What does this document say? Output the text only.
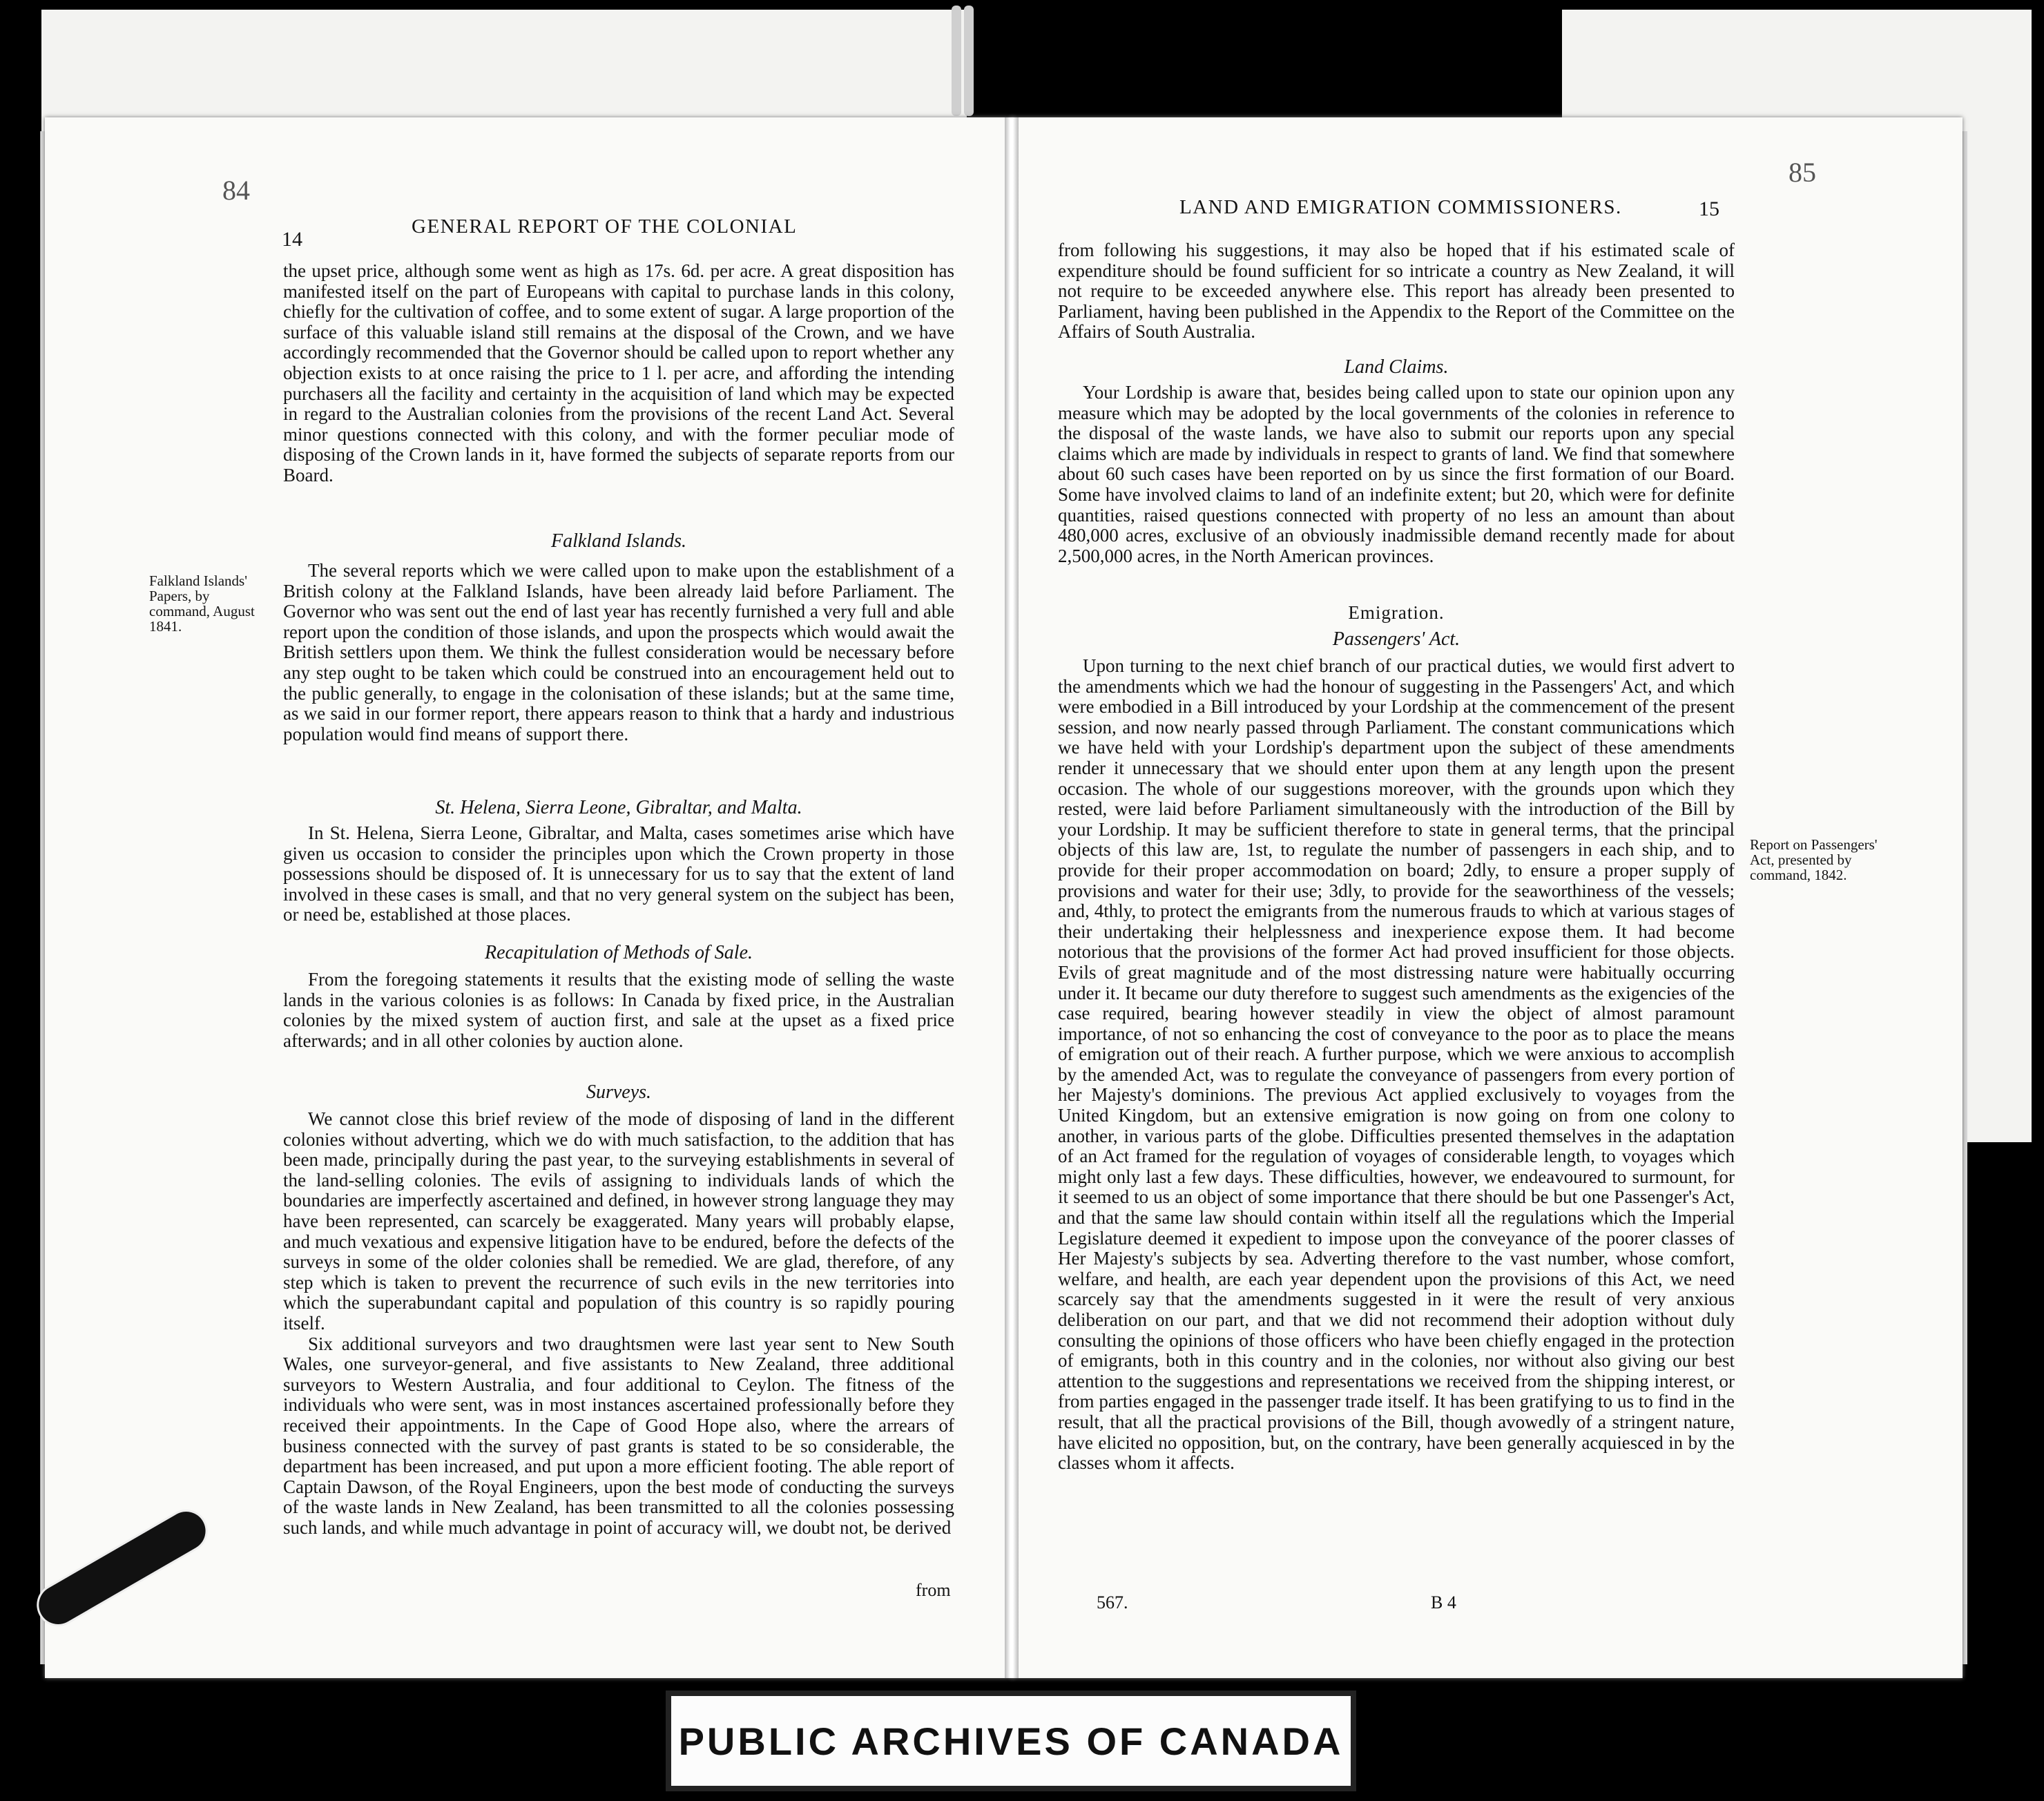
84
14
GENERAL REPORT OF THE COLONIAL

the upset price, although some went as high as 17s. 6d. per acre. A great disposition has manifested itself on the part of Europeans with capital to purchase lands in this colony, chiefly for the cultivation of coffee, and to some extent of sugar. A large proportion of the surface of this valuable island still remains at the disposal of the Crown, and we have accordingly recommended that the Governor should be called upon to report whether any objection exists to at once raising the price to 1 l. per acre, and affording the intending purchasers all the facility and certainty in the acquisition of land which may be expected in regard to the Australian colonies from the provisions of the recent Land Act. Several minor questions connected with this colony, and with the former peculiar mode of disposing of the Crown lands in it, have formed the subjects of separate reports from our Board.

Falkland Islands.
Falkland Islands' Papers, by command, August 1841.

The several reports which we were called upon to make upon the establishment of a British colony at the Falkland Islands, have been already laid before Parliament. The Governor who was sent out the end of last year has recently furnished a very full and able report upon the condition of those islands, and upon the prospects which would await the British settlers upon them. We think the fullest consideration would be necessary before any step ought to be taken which could be construed into an encouragement held out to the public generally, to engage in the colonisation of these islands; but at the same time, as we said in our former report, there appears reason to think that a hardy and industrious population would find means of support there.

St. Helena, Sierra Leone, Gibraltar, and Malta.

In St. Helena, Sierra Leone, Gibraltar, and Malta, cases sometimes arise which have given us occasion to consider the principles upon which the Crown property in those possessions should be disposed of. It is unnecessary for us to say that the extent of land involved in these cases is small, and that no very general system on the subject has been, or need be, established at those places.

Recapitulation of Methods of Sale.

From the foregoing statements it results that the existing mode of selling the waste lands in the various colonies is as follows: In Canada by fixed price, in the Australian colonies by the mixed system of auction first, and sale at the upset as a fixed price afterwards; and in all other colonies by auction alone.

Surveys.

We cannot close this brief review of the mode of disposing of land in the different colonies without adverting, which we do with much satisfaction, to the addition that has been made, principally during the past year, to the surveying establishments in several of the land-selling colonies. The evils of assigning to individuals lands of which the boundaries are imperfectly ascertained and defined, in however strong language they may have been represented, can scarcely be exaggerated. Many years will probably elapse, and much vexatious and expensive litigation have to be endured, before the defects of the surveys in some of the older colonies shall be remedied. We are glad, therefore, of any step which is taken to prevent the recurrence of such evils in the new territories into which the superabundant capital and population of this country is so rapidly pouring itself.

Six additional surveyors and two draughtsmen were last year sent to New South Wales, one surveyor-general, and five assistants to New Zealand, three additional surveyors to Western Australia, and four additional to Ceylon. The fitness of the individuals who were sent, was in most instances ascertained professionally before they received their appointments. In the Cape of Good Hope also, where the arrears of business connected with the survey of past grants is stated to be so considerable, the department has been increased, and put upon a more efficient footing. The able report of Captain Dawson, of the Royal Engineers, upon the best mode of conducting the surveys of the waste lands in New Zealand, has been transmitted to all the colonies possessing such lands, and while much advantage in point of accuracy will, we doubt not, be derived

from
85
15
LAND AND EMIGRATION COMMISSIONERS.

from following his suggestions, it may also be hoped that if his estimated scale of expenditure should be found sufficient for so intricate a country as New Zealand, it will not require to be exceeded anywhere else. This report has already been presented to Parliament, having been published in the Appendix to the Report of the Committee on the Affairs of South Australia.

Land Claims.

Your Lordship is aware that, besides being called upon to state our opinion upon any measure which may be adopted by the local governments of the colonies in reference to the disposal of the waste lands, we have also to submit our reports upon any special claims which are made by individuals in respect to grants of land. We find that somewhere about 60 such cases have been reported on by us since the first formation of our Board. Some have involved claims to land of an indefinite extent; but 20, which were for definite quantities, raised questions connected with property of no less an amount than about 480,000 acres, exclusive of an obviously inadmissible demand recently made for about 2,500,000 acres, in the North American provinces.

Emigration.
Passengers' Act.
Report on Passengers' Act, presented by command, 1842.

Upon turning to the next chief branch of our practical duties, we would first advert to the amendments which we had the honour of suggesting in the Passengers' Act, and which were embodied in a Bill introduced by your Lordship at the commencement of the present session, and now nearly passed through Parliament. The constant communications which we have held with your Lordship's department upon the subject of these amendments render it unnecessary that we should enter upon them at any length upon the present occasion. The whole of our suggestions moreover, with the grounds upon which they rested, were laid before Parliament simultaneously with the introduction of the Bill by your Lordship. It may be sufficient therefore to state in general terms, that the principal objects of this law are, 1st, to regulate the number of passengers in each ship, and to provide for their proper accommodation on board; 2dly, to ensure a proper supply of provisions and water for their use; 3dly, to provide for the seaworthiness of the vessels; and, 4thly, to protect the emigrants from the numerous frauds to which at various stages of their undertaking their helplessness and inexperience expose them. It had become notorious that the provisions of the former Act had proved insufficient for those objects. Evils of great magnitude and of the most distressing nature were habitually occurring under it. It became our duty therefore to suggest such amendments as the exigencies of the case required, bearing however steadily in view the object of almost paramount importance, of not so enhancing the cost of conveyance to the poor as to place the means of emigration out of their reach. A further purpose, which we were anxious to accomplish by the amended Act, was to regulate the conveyance of passengers from every portion of her Majesty's dominions. The previous Act applied exclusively to voyages from the United Kingdom, but an extensive emigration is now going on from one colony to another, in various parts of the globe. Difficulties presented themselves in the adaptation of an Act framed for the regulation of voyages of considerable length, to voyages which might only last a few days. These difficulties, however, we endeavoured to surmount, for it seemed to us an object of some importance that there should be but one Passenger's Act, and that the same law should contain within itself all the regulations which the Imperial Legislature deemed it expedient to impose upon the conveyance of the poorer classes of Her Majesty's subjects by sea. Adverting therefore to the vast number, whose comfort, welfare, and health, are each year dependent upon the provisions of this Act, we need scarcely say that the amendments suggested in it were the result of very anxious deliberation on our part, and that we did not recommend their adoption without duly consulting the opinions of those officers who have been chiefly engaged in the protection of emigrants, both in this country and in the colonies, nor without also giving our best attention to the suggestions and representations we received from the shipping interest, or from parties engaged in the passenger trade itself. It has been gratifying to us to find in the result, that all the practical provisions of the Bill, though avowedly of a stringent nature, have elicited no opposition, but, on the contrary, have been generally acquiesced in by the classes whom it affects.

567.	B 4
PUBLIC ARCHIVES OF CANADA
